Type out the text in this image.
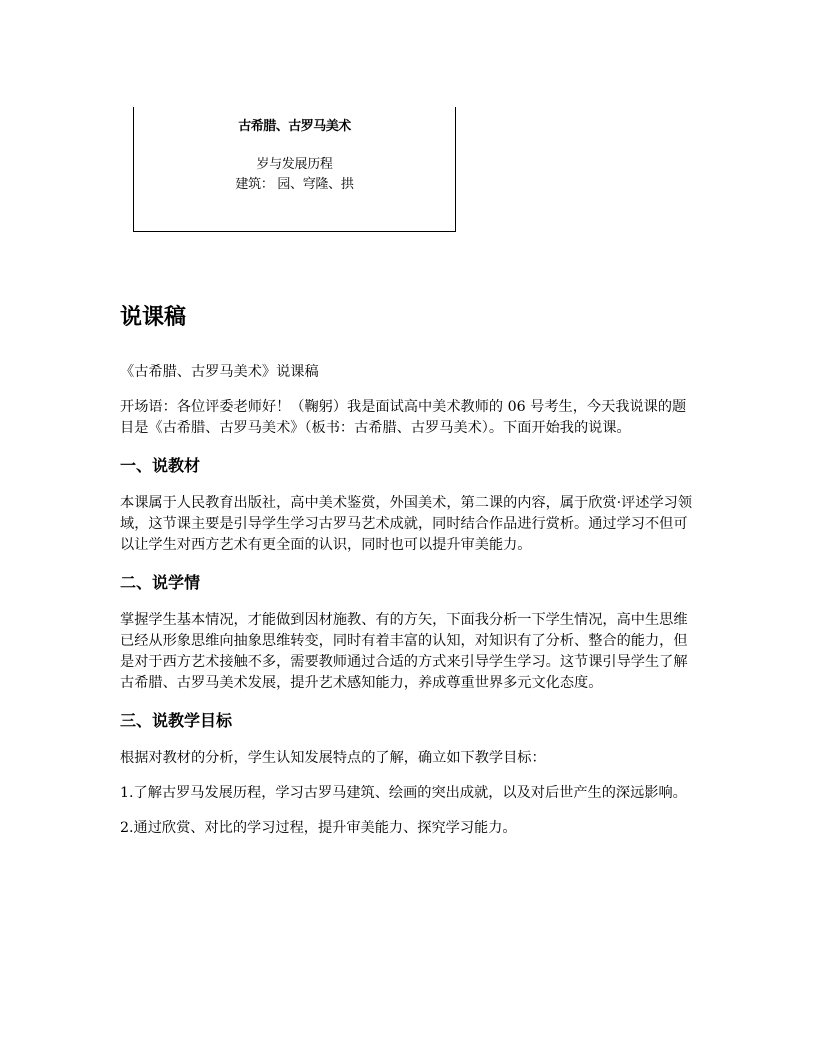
古希腊、古罗马美术
岁与发展历程
建筑： 园、穹隆、拱
说课稿

《古希腊、古罗马美术》说课稿

开场语：各位评委老师好！（鞠躬）我是面试高中美术教师的 06 号考生，今天我说课的题目是《古希腊、古罗马美术》（板书：古希腊、古罗马美术）。下面开始我的说课。

一、说教材

本课属于人民教育出版社，高中美术鉴赏，外国美术，第二课的内容，属于欣赏·评述学习领域，这节课主要是引导学生学习古罗马艺术成就，同时结合作品进行赏析。通过学习不但可以让学生对西方艺术有更全面的认识，同时也可以提升审美能力。

二、说学情

掌握学生基本情况，才能做到因材施教、有的方矢，下面我分析一下学生情况，高中生思维已经从形象思维向抽象思维转变，同时有着丰富的认知，对知识有了分析、整合的能力，但是对于西方艺术接触不多，需要教师通过合适的方式来引导学生学习。这节课引导学生了解古希腊、古罗马美术发展，提升艺术感知能力，养成尊重世界多元文化态度。

三、说教学目标

根据对教材的分析，学生认知发展特点的了解，确立如下教学目标：

1.了解古罗马发展历程，学习古罗马建筑、绘画的突出成就，以及对后世产生的深远影响。

2.通过欣赏、对比的学习过程，提升审美能力、探究学习能力。
